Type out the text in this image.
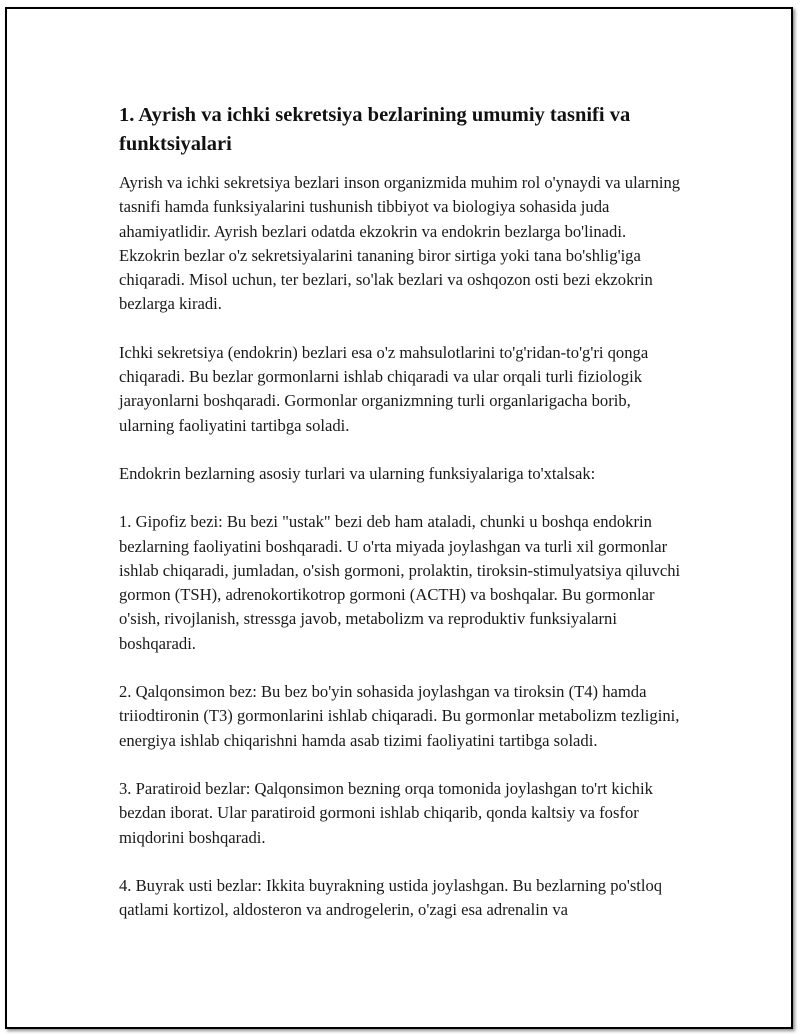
1. Ayrish va ichki sekretsiya bezlarining umumiy tasnifi va funktsiyalari

Ayrish va ichki sekretsiya bezlari inson organizmida muhim rol o'ynaydi va ularning tasnifi hamda funksiyalarini tushunish tibbiyot va biologiya sohasida juda ahamiyatlidir. Ayrish bezlari odatda ekzokrin va endokrin bezlarga bo'linadi. Ekzokrin bezlar o'z sekretsiyalarini tananing biror sirtiga yoki tana bo'shlig'iga chiqaradi. Misol uchun, ter bezlari, so'lak bezlari va oshqozon osti bezi ekzokrin bezlarga kiradi.

Ichki sekretsiya (endokrin) bezlari esa o'z mahsulotlarini to'g'ridan-to'g'ri qonga chiqaradi. Bu bezlar gormonlarni ishlab chiqaradi va ular orqali turli fiziologik jarayonlarni boshqaradi. Gormonlar organizmning turli organlarigacha borib, ularning faoliyatini tartibga soladi.

Endokrin bezlarning asosiy turlari va ularning funksiyalariga to'xtalsak:

1. Gipofiz bezi: Bu bezi "ustak" bezi deb ham ataladi, chunki u boshqa endokrin bezlarning faoliyatini boshqaradi. U o'rta miyada joylashgan va turli xil gormonlar ishlab chiqaradi, jumladan, o'sish gormoni, prolaktin, tiroksin-stimulyatsiya qiluvchi gormon (TSH), adrenokortikotrop gormoni (ACTH) va boshqalar. Bu gormonlar o'sish, rivojlanish, stressga javob, metabolizm va reproduktiv funksiyalarni boshqaradi.

2. Qalqonsimon bez: Bu bez bo'yin sohasida joylashgan va tiroksin (T4) hamda triiodtironin (T3) gormonlarini ishlab chiqaradi. Bu gormonlar metabolizm tezligini, energiya ishlab chiqarishni hamda asab tizimi faoliyatini tartibga soladi.

3. Paratiroid bezlar: Qalqonsimon bezning orqa tomonida joylashgan to'rt kichik bezdan iborat. Ular paratiroid gormoni ishlab chiqarib, qonda kaltsiy va fosfor miqdorini boshqaradi.

4. Buyrak usti bezlar: Ikkita buyrakning ustida joylashgan. Bu bezlarning po'stloq qatlami kortizol, aldosteron va androgelerin, o'zagi esa adrenalin va
